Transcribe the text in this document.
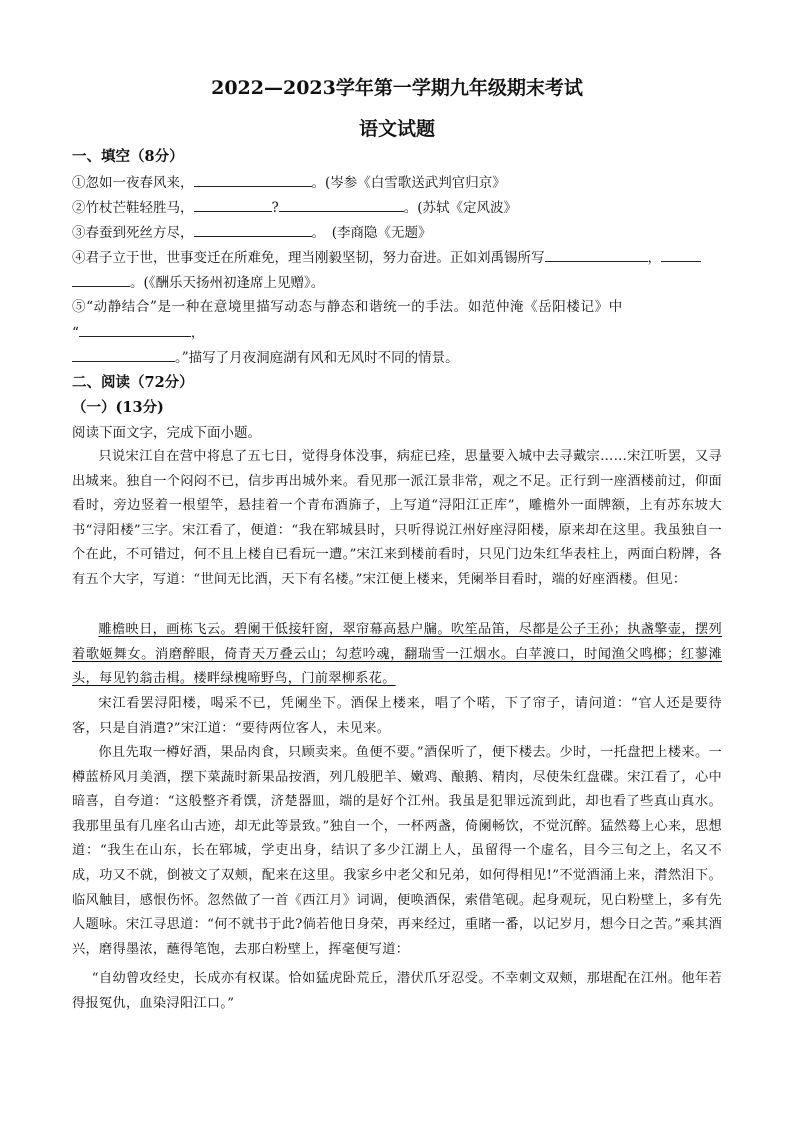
2022—2023学年第一学期九年级期末考试
语文试题
一、填空（8分）
①忽如一夜春风来，	。(岑参《白雪歌送武判官归京》
②竹杖芒鞋轻胜马，	?	。(苏轼《定风波》
③春蚕到死丝方尽，	。　(李商隐《无题》
④君子立于世，世事变迁在所难免，理当刚毅坚韧，努力奋进。正如刘禹锡所写	，
。(《酬乐天扬州初逢席上见赠》。
⑤“动静结合”是一种在意境里描写动态与静态和谐统一的手法。如范仲淹《岳阳楼记》中
“	，
。”描写了月夜洞庭湖有风和无风时不同的情景。
二、阅读（72分）
（一）(13分)
阅读下面文字，完成下面小题。
只说宋江自在营中将息了五七日，觉得身体没事，病症已痊，思量要入城中去寻戴宗……宋江听罢，又寻出城来。独自一个闷闷不已，信步再出城外来。看见那一派江景非常，观之不足。正行到一座酒楼前过，仰面看时，旁边竖着一根望竿，悬挂着一个青布酒旆子，上写道“浔阳江正库”，雕檐外一面牌额，上有苏东坡大书“浔阳楼”三字。宋江看了，便道：“我在郓城县时，只听得说江州好座浔阳楼，原来却在这里。我虽独自一个在此，不可错过，何不且上楼自已看玩一遭。”宋江来到楼前看时，只见门边朱红华表柱上，两面白粉牌，各有五个大字，写道：“世间无比酒，天下有名楼。”宋江便上楼来，凭阑举目看时，端的好座酒楼。但见：
雕檐映日，画栋飞云。碧阑干低接轩窗，翠帘幕高悬户牖。吹笙品笛，尽都是公子王孙；执盏擎壶，摆列着歌姬舞女。消磨醉眼，倚青天万叠云山；勾惹吟魂，翻瑞雪一江烟水。白苹渡口，时闻渔父鸣榔；红蓼滩头，每见钓翁击楫。楼畔绿槐啼野鸟，门前翠柳系花。
宋江看罢浔阳楼，喝采不已，凭阑坐下。酒保上楼来，唱了个喏，下了帘子，请问道：“官人还是要待客，只是自消遣?”宋江道：“要待两位客人，未见来。
你且先取一樽好酒，果品肉食，只顾卖来。鱼便不要。”酒保听了，便下楼去。少时，一托盘把上楼来。一樽蓝桥风月美酒，摆下菜蔬时新果品按酒，列几般肥羊、嫩鸡、酿鹅、精肉，尽使朱红盘碟。宋江看了，心中暗喜，自夸道：“这般整齐肴馔，济楚器皿，端的是好个江州。我虽是犯罪远流到此，却也看了些真山真水。我那里虽有几座名山古迹，却无此等景致。”独自一个，一杯两盏，倚阑畅饮，不觉沉醉。猛然蓦上心来，思想道：“我生在山东，长在郓城，学吏出身，结识了多少江湖上人，虽留得一个虚名，目今三旬之上，名又不成，功又不就，倒被文了双颊，配来在这里。我家乡中老父和兄弟，如何得相见!”不觉酒涌上来，潸然泪下。临风触目，感恨伤怀。忽然做了一首《西江月》词调，便唤酒保，索借笔砚。起身观玩，见白粉壁上，多有先人题咏。宋江寻思道：“何不就书于此?倘若他日身荣，再来经过，重睹一番，以记岁月，想今日之苦。”乘其酒兴，磨得墨浓，蘸得笔饱，去那白粉壁上，挥毫便写道：
“自幼曾攻经史，长成亦有权谋。恰如猛虎卧荒丘，潜伏爪牙忍受。不幸刺文双颊，那堪配在江州。他年若得报冤仇，血染浔阳江口。”
